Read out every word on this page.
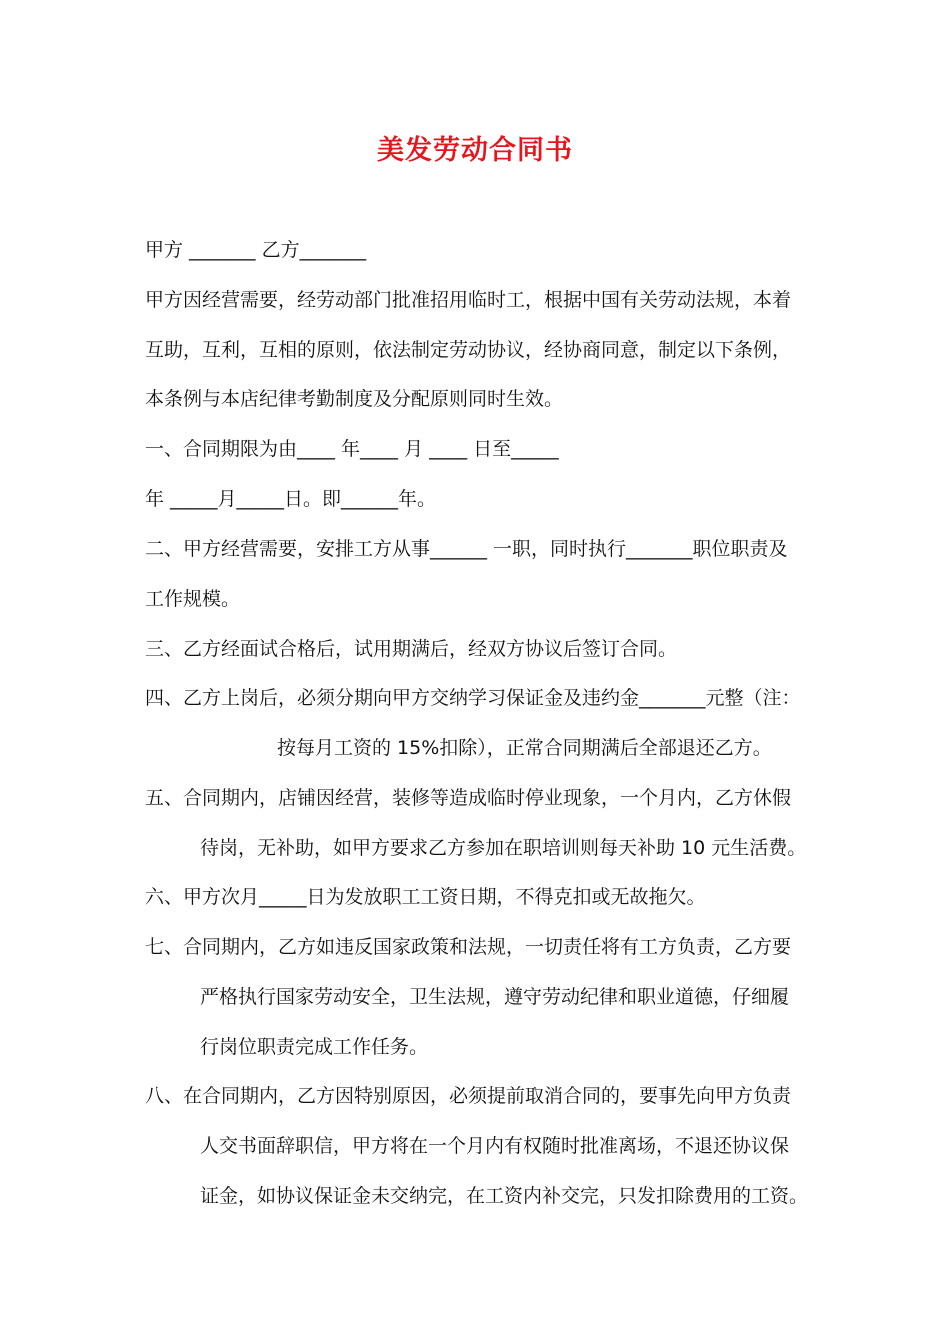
美发劳动合同书
甲方 _______ 乙方_______
甲方因经营需要，经劳动部门批准招用临时工，根据中国有关劳动法规，本着
互助，互利，互相的原则，依法制定劳动协议，经协商同意，制定以下条例，
本条例与本店纪律考勤制度及分配原则同时生效。
一、合同期限为由____ 年____ 月 ____ 日至_____
年 _____月_____日。即______年。
二、甲方经营需要，安排工方从事______ 一职，同时执行_______职位职责及
工作规模。
三、乙方经面试合格后，试用期满后，经双方协议后签订合同。
四、乙方上岗后，必须分期向甲方交纳学习保证金及违约金_______元整（注：
按每月工资的 15%扣除），正常合同期满后全部退还乙方。
五、合同期内，店铺因经营，装修等造成临时停业现象，一个月内，乙方休假
待岗，无补助，如甲方要求乙方参加在职培训则每天补助 10 元生活费。
六、甲方次月_____日为发放职工工资日期，不得克扣或无故拖欠。
七、合同期内，乙方如违反国家政策和法规，一切责任将有工方负责，乙方要
严格执行国家劳动安全，卫生法规，遵守劳动纪律和职业道德，仔细履
行岗位职责完成工作任务。
八、在合同期内，乙方因特别原因，必须提前取消合同的，要事先向甲方负责
人交书面辞职信，甲方将在一个月内有权随时批准离场，不退还协议保
证金，如协议保证金未交纳完，在工资内补交完，只发扣除费用的工资。
